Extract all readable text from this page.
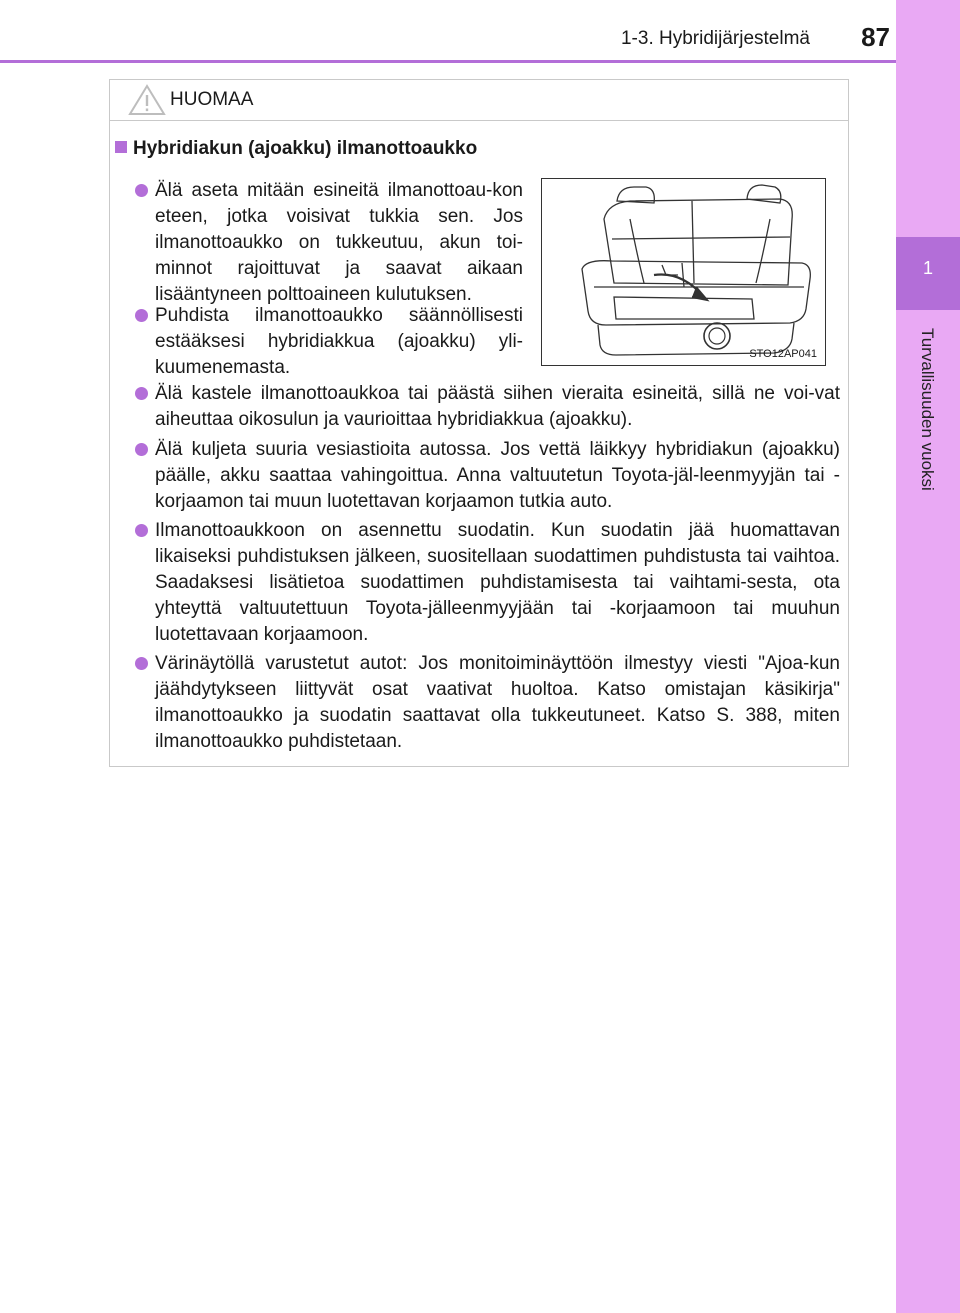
1
Turvallisuuden vuoksi
1-3. Hybridijärjestelmä	87
HUOMAA
Hybridiakun (ajoakku) ilmanottoaukko
Älä aseta mitään esineitä ilmanottoau-kon eteen, jotka voisivat tukkia sen. Jos ilmanottoaukko on tukkeutuu, akun toi-minnot rajoittuvat ja saavat aikaan lisääntyneen polttoaineen kulutuksen.
Puhdista ilmanottoaukko säännöllisesti estääksesi hybridiakkua (ajoakku) yli-kuumenemasta.
STO12AP041
Älä kastele ilmanottoaukkoa tai päästä siihen vieraita esineitä, sillä ne voi-vat aiheuttaa oikosulun ja vaurioittaa hybridiakkua (ajoakku).
Älä kuljeta suuria vesiastioita autossa. Jos vettä läikkyy hybridiakun (ajoakku) päälle, akku saattaa vahingoittua. Anna valtuutetun Toyota-jäl-leenmyyjän tai -korjaamon tai muun luotettavan korjaamon tutkia auto.
Ilmanottoaukkoon on asennettu suodatin. Kun suodatin jää huomattavan likaiseksi puhdistuksen jälkeen, suositellaan suodattimen puhdistusta tai vaihtoa. Saadaksesi lisätietoa suodattimen puhdistamisesta tai vaihtami-sesta, ota yhteyttä valtuutettuun Toyota-jälleenmyyjään tai -korjaamoon tai muuhun luotettavaan korjaamoon.
Värinäytöllä varustetut autot: Jos monitoiminäyttöön ilmestyy viesti "Ajoa-kun jäähdytykseen liittyvät osat vaativat huoltoa. Katso omistajan käsikirja" ilmanottoaukko ja suodatin saattavat olla tukkeutuneet. Katso S. 388, miten ilmanottoaukko puhdistetaan.
